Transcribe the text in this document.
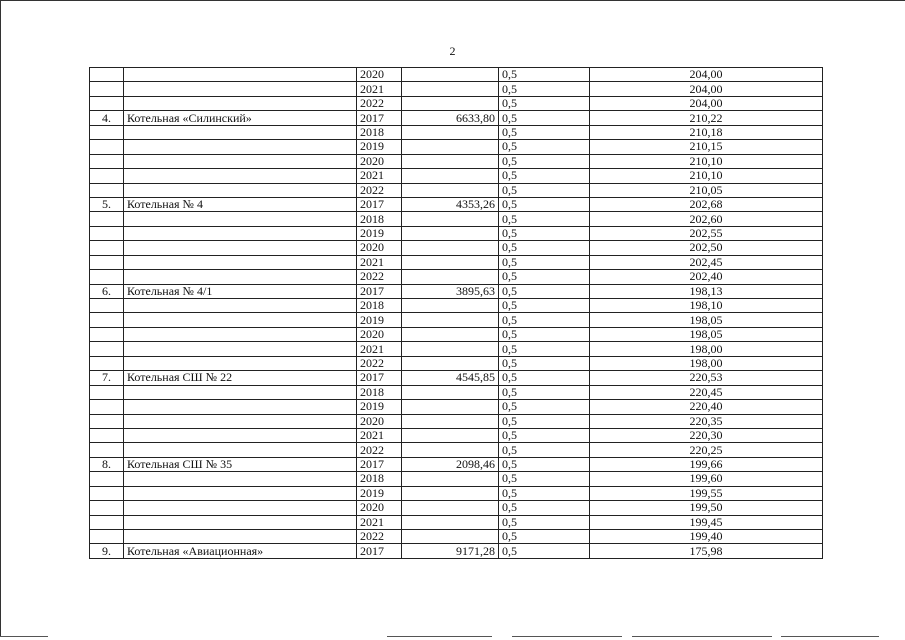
2
		2020		0,5	204,00
		2021		0,5	204,00
		2022		0,5	204,00
4.	Котельная «Силинский»	2017	6633,80	0,5	210,22
		2018		0,5	210,18
		2019		0,5	210,15
		2020		0,5	210,10
		2021		0,5	210,10
		2022		0,5	210,05
5.	Котельная № 4	2017	4353,26	0,5	202,68
		2018		0,5	202,60
		2019		0,5	202,55
		2020		0,5	202,50
		2021		0,5	202,45
		2022		0,5	202,40
6.	Котельная № 4/1	2017	3895,63	0,5	198,13
		2018		0,5	198,10
		2019		0,5	198,05
		2020		0,5	198,05
		2021		0,5	198,00
		2022		0,5	198,00
7.	Котельная СШ № 22	2017	4545,85	0,5	220,53
		2018		0,5	220,45
		2019		0,5	220,40
		2020		0,5	220,35
		2021		0,5	220,30
		2022		0,5	220,25
8.	Котельная СШ № 35	2017	2098,46	0,5	199,66
		2018		0,5	199,60
		2019		0,5	199,55
		2020		0,5	199,50
		2021		0,5	199,45
		2022		0,5	199,40
9.	Котельная «Авиационная»	2017	9171,28	0,5	175,98
